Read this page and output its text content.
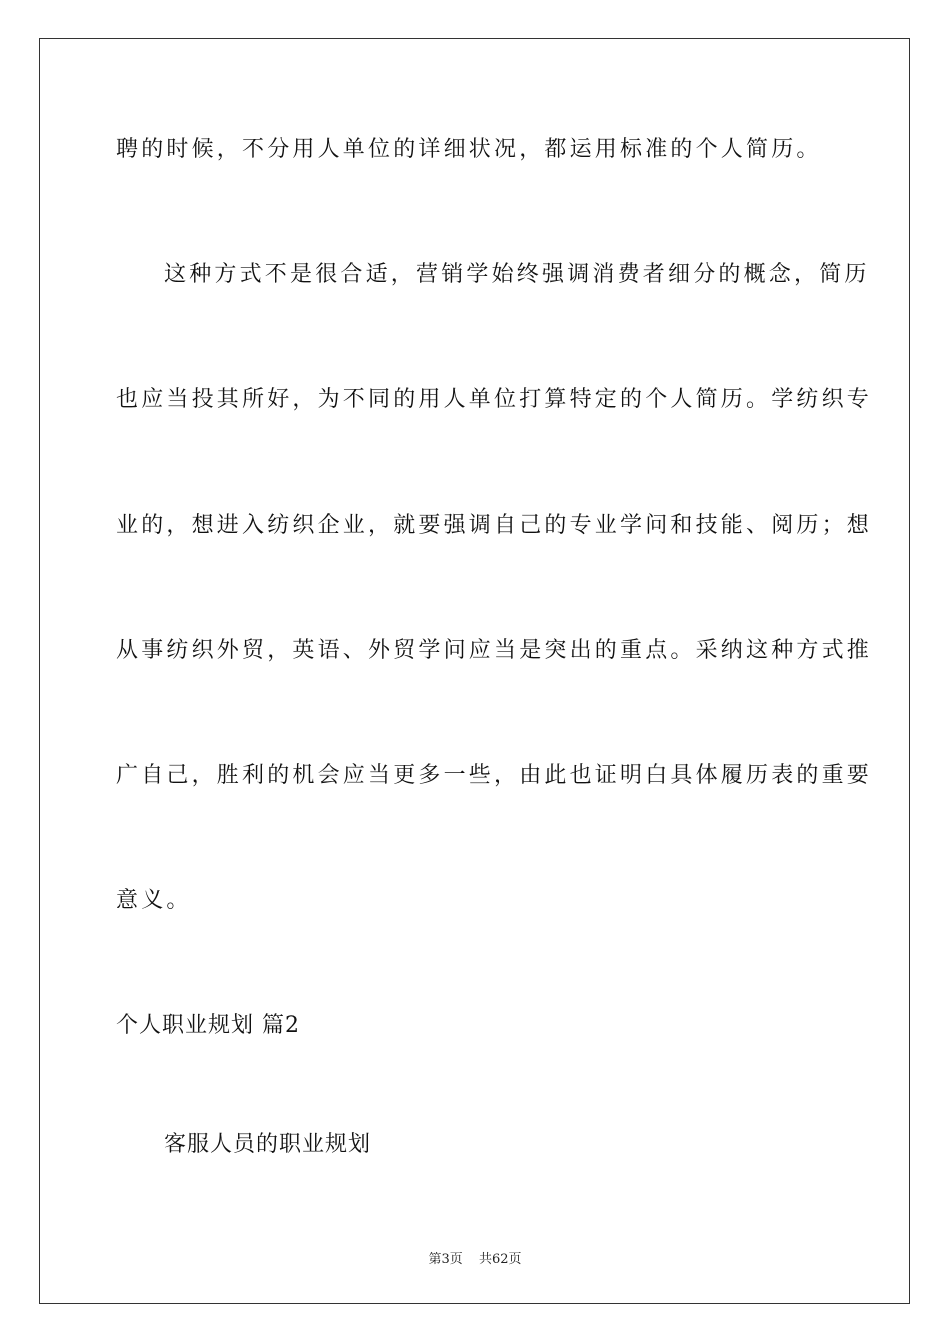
聘的时候，不分用人单位的详细状况，都运用标准的个人简历。
这种方式不是很合适，营销学始终强调消费者细分的概念，简历
也应当投其所好，为不同的用人单位打算特定的个人简历。学纺织专
业的，想进入纺织企业，就要强调自己的专业学问和技能、阅历；想
从事纺织外贸，英语、外贸学问应当是突出的重点。采纳这种方式推
广自己，胜利的机会应当更多一些，由此也证明白具体履历表的重要
意义。
个人职业规划 篇2
客服人员的职业规划
第3页 共62页
